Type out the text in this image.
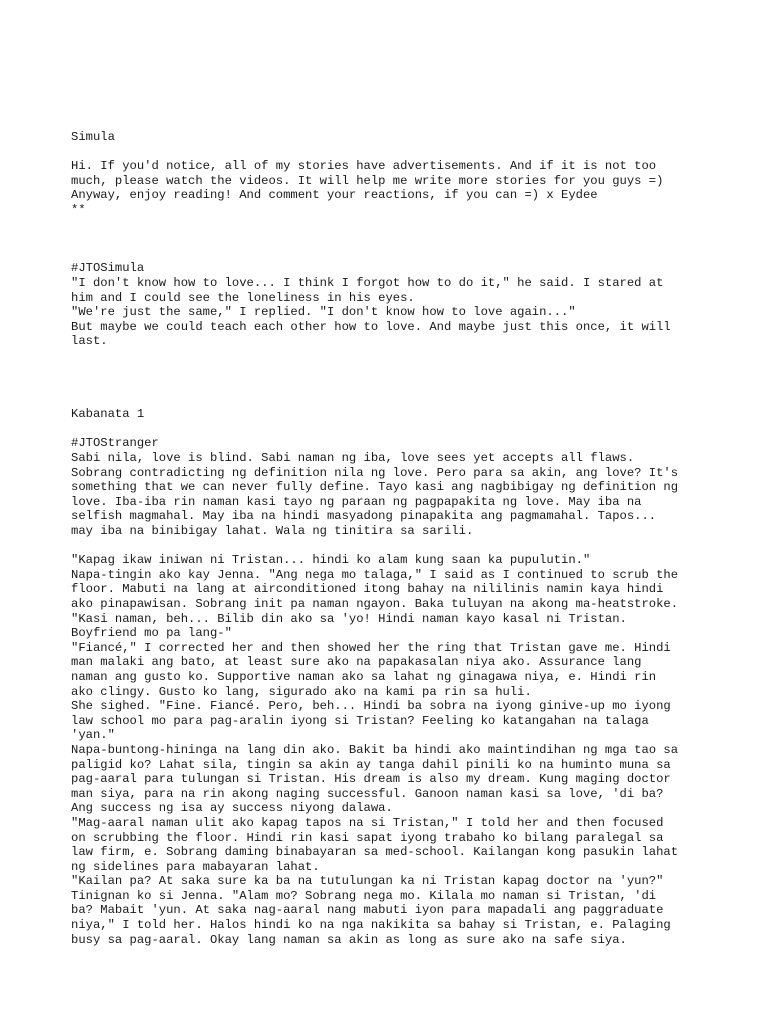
Simula
Hi. If you'd notice, all of my stories have advertisements. And if it is not too
much, please watch the videos. It will help me write more stories for you guys =)
Anyway, enjoy reading! And comment your reactions, if you can =) x Eydee
**
#JTOSimula
"I don't know how to love... I think I forgot how to do it," he said. I stared at
him and I could see the loneliness in his eyes.
"We're just the same," I replied. "I don't know how to love again..."
But maybe we could teach each other how to love. And maybe just this once, it will
last.
Kabanata 1
#JTOStranger
Sabi nila, love is blind. Sabi naman ng iba, love sees yet accepts all flaws.
Sobrang contradicting ng definition nila ng love. Pero para sa akin, ang love? It's
something that we can never fully define. Tayo kasi ang nagbibigay ng definition ng
love. Iba-iba rin naman kasi tayo ng paraan ng pagpapakita ng love. May iba na
selfish magmahal. May iba na hindi masyadong pinapakita ang pagmamahal. Tapos...
may iba na binibigay lahat. Wala ng tinitira sa sarili.
"Kapag ikaw iniwan ni Tristan... hindi ko alam kung saan ka pupulutin."
Napa-tingin ako kay Jenna. "Ang nega mo talaga," I said as I continued to scrub the
floor. Mabuti na lang at airconditioned itong bahay na nililinis namin kaya hindi
ako pinapawisan. Sobrang init pa naman ngayon. Baka tuluyan na akong ma-heatstroke.
"Kasi naman, beh... Bilib din ako sa 'yo! Hindi naman kayo kasal ni Tristan.
Boyfriend mo pa lang-"
"Fiancé," I corrected her and then showed her the ring that Tristan gave me. Hindi
man malaki ang bato, at least sure ako na papakasalan niya ako. Assurance lang
naman ang gusto ko. Supportive naman ako sa lahat ng ginagawa niya, e. Hindi rin
ako clingy. Gusto ko lang, sigurado ako na kami pa rin sa huli.
She sighed. "Fine. Fiancé. Pero, beh... Hindi ba sobra na iyong ginive-up mo iyong
law school mo para pag-aralin iyong si Tristan? Feeling ko katangahan na talaga
'yan."
Napa-buntong-hininga na lang din ako. Bakit ba hindi ako maintindihan ng mga tao sa
paligid ko? Lahat sila, tingin sa akin ay tanga dahil pinili ko na huminto muna sa
pag-aaral para tulungan si Tristan. His dream is also my dream. Kung maging doctor
man siya, para na rin akong naging successful. Ganoon naman kasi sa love, 'di ba?
Ang success ng isa ay success niyong dalawa.
"Mag-aaral naman ulit ako kapag tapos na si Tristan," I told her and then focused
on scrubbing the floor. Hindi rin kasi sapat iyong trabaho ko bilang paralegal sa
law firm, e. Sobrang daming binabayaran sa med-school. Kailangan kong pasukin lahat
ng sidelines para mabayaran lahat.
"Kailan pa? At saka sure ka ba na tutulungan ka ni Tristan kapag doctor na 'yun?"
Tinignan ko si Jenna. "Alam mo? Sobrang nega mo. Kilala mo naman si Tristan, 'di
ba? Mabait 'yun. At saka nag-aaral nang mabuti iyon para mapadali ang paggraduate
niya," I told her. Halos hindi ko na nga nakikita sa bahay si Tristan, e. Palaging
busy sa pag-aaral. Okay lang naman sa akin as long as sure ako na safe siya.
